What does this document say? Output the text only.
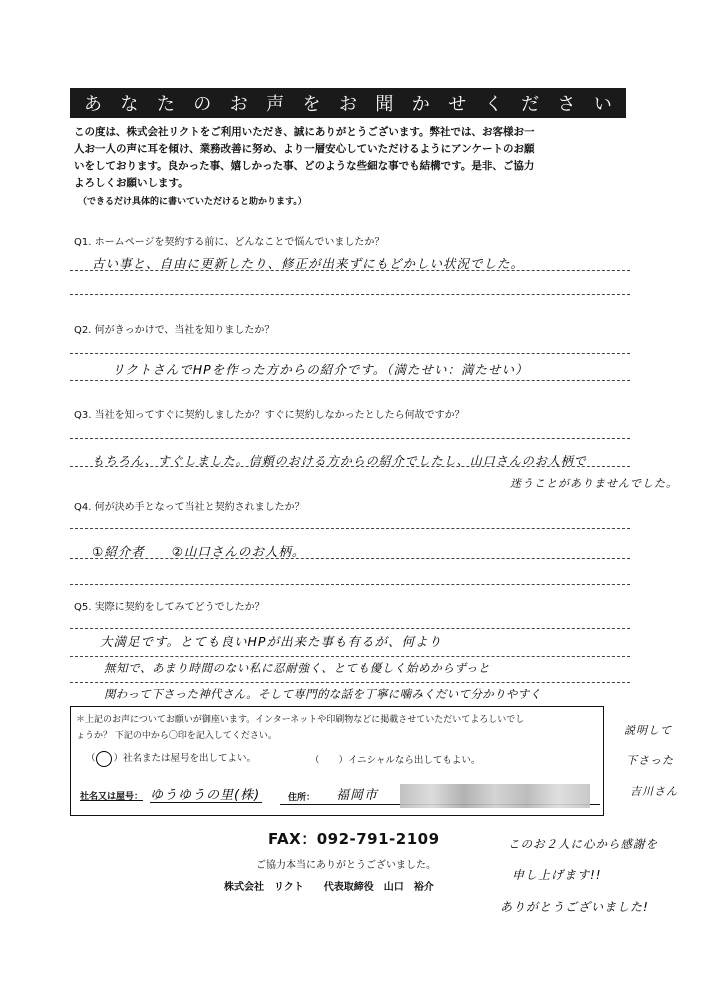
あ な た の お 声 を お 聞 か せ く だ さ い
この度は、株式会社リクトをご利用いただき、誠にありがとうございます。弊社では、お客様お一
人お一人の声に耳を傾け、業務改善に努め、より一層安心していただけるようにアンケートのお願
いをしております。良かった事、嬉しかった事、どのような些細な事でも結構です。是非、ご協力
よろしくお願いします。
（できるだけ具体的に書いていただけると助かります。）
Q1. ホームページを契約する前に、どんなことで悩んでいましたか？
古い事と、自由に更新したり、修正が出来ずにもどかしい状況でした。
Q2. 何がきっかけで、当社を知りましたか？
リクトさんでHPを作った方からの紹介です。（満たせい：満たせい）
Q3. 当社を知ってすぐに契約しましたか？すぐに契約しなかったとしたら何故ですか？
もちろん、すぐしました。信頼のおける方からの紹介でしたし、山口さんのお人柄で
迷うことがありませんでした。
Q4. 何が決め手となって当社と契約されましたか？
①紹介者　　②山口さんのお人柄。
Q5. 実際に契約をしてみてどうでしたか？
大満足です。とても良いHPが出来た事も有るが、何より
無知で、あまり時間のない私に忍耐強く、とても優しく始めからずっと
関わって下さった神代さん。そして専門的な話を丁寧に噛みくだいて分かりやすく
説明して
下さった
吉川さん
＊上記のお声についてお願いが御座います。インターネットや印刷物などに掲載させていただいてよろしいでし
ょうか？ 下記の中から〇印を記入してください。
（ ）社名または屋号を出してよい。	（　　）イニシャルなら出してもよい。
社名又は屋号： ゆうゆうの里(株)	住所： 福岡市
FAX：092-791-2109
ご協力本当にありがとうございました。
株式会社　リクト　　代表取締役　山口　裕介
このお２人に心から感謝を
申し上げます!!
ありがとうございました!
